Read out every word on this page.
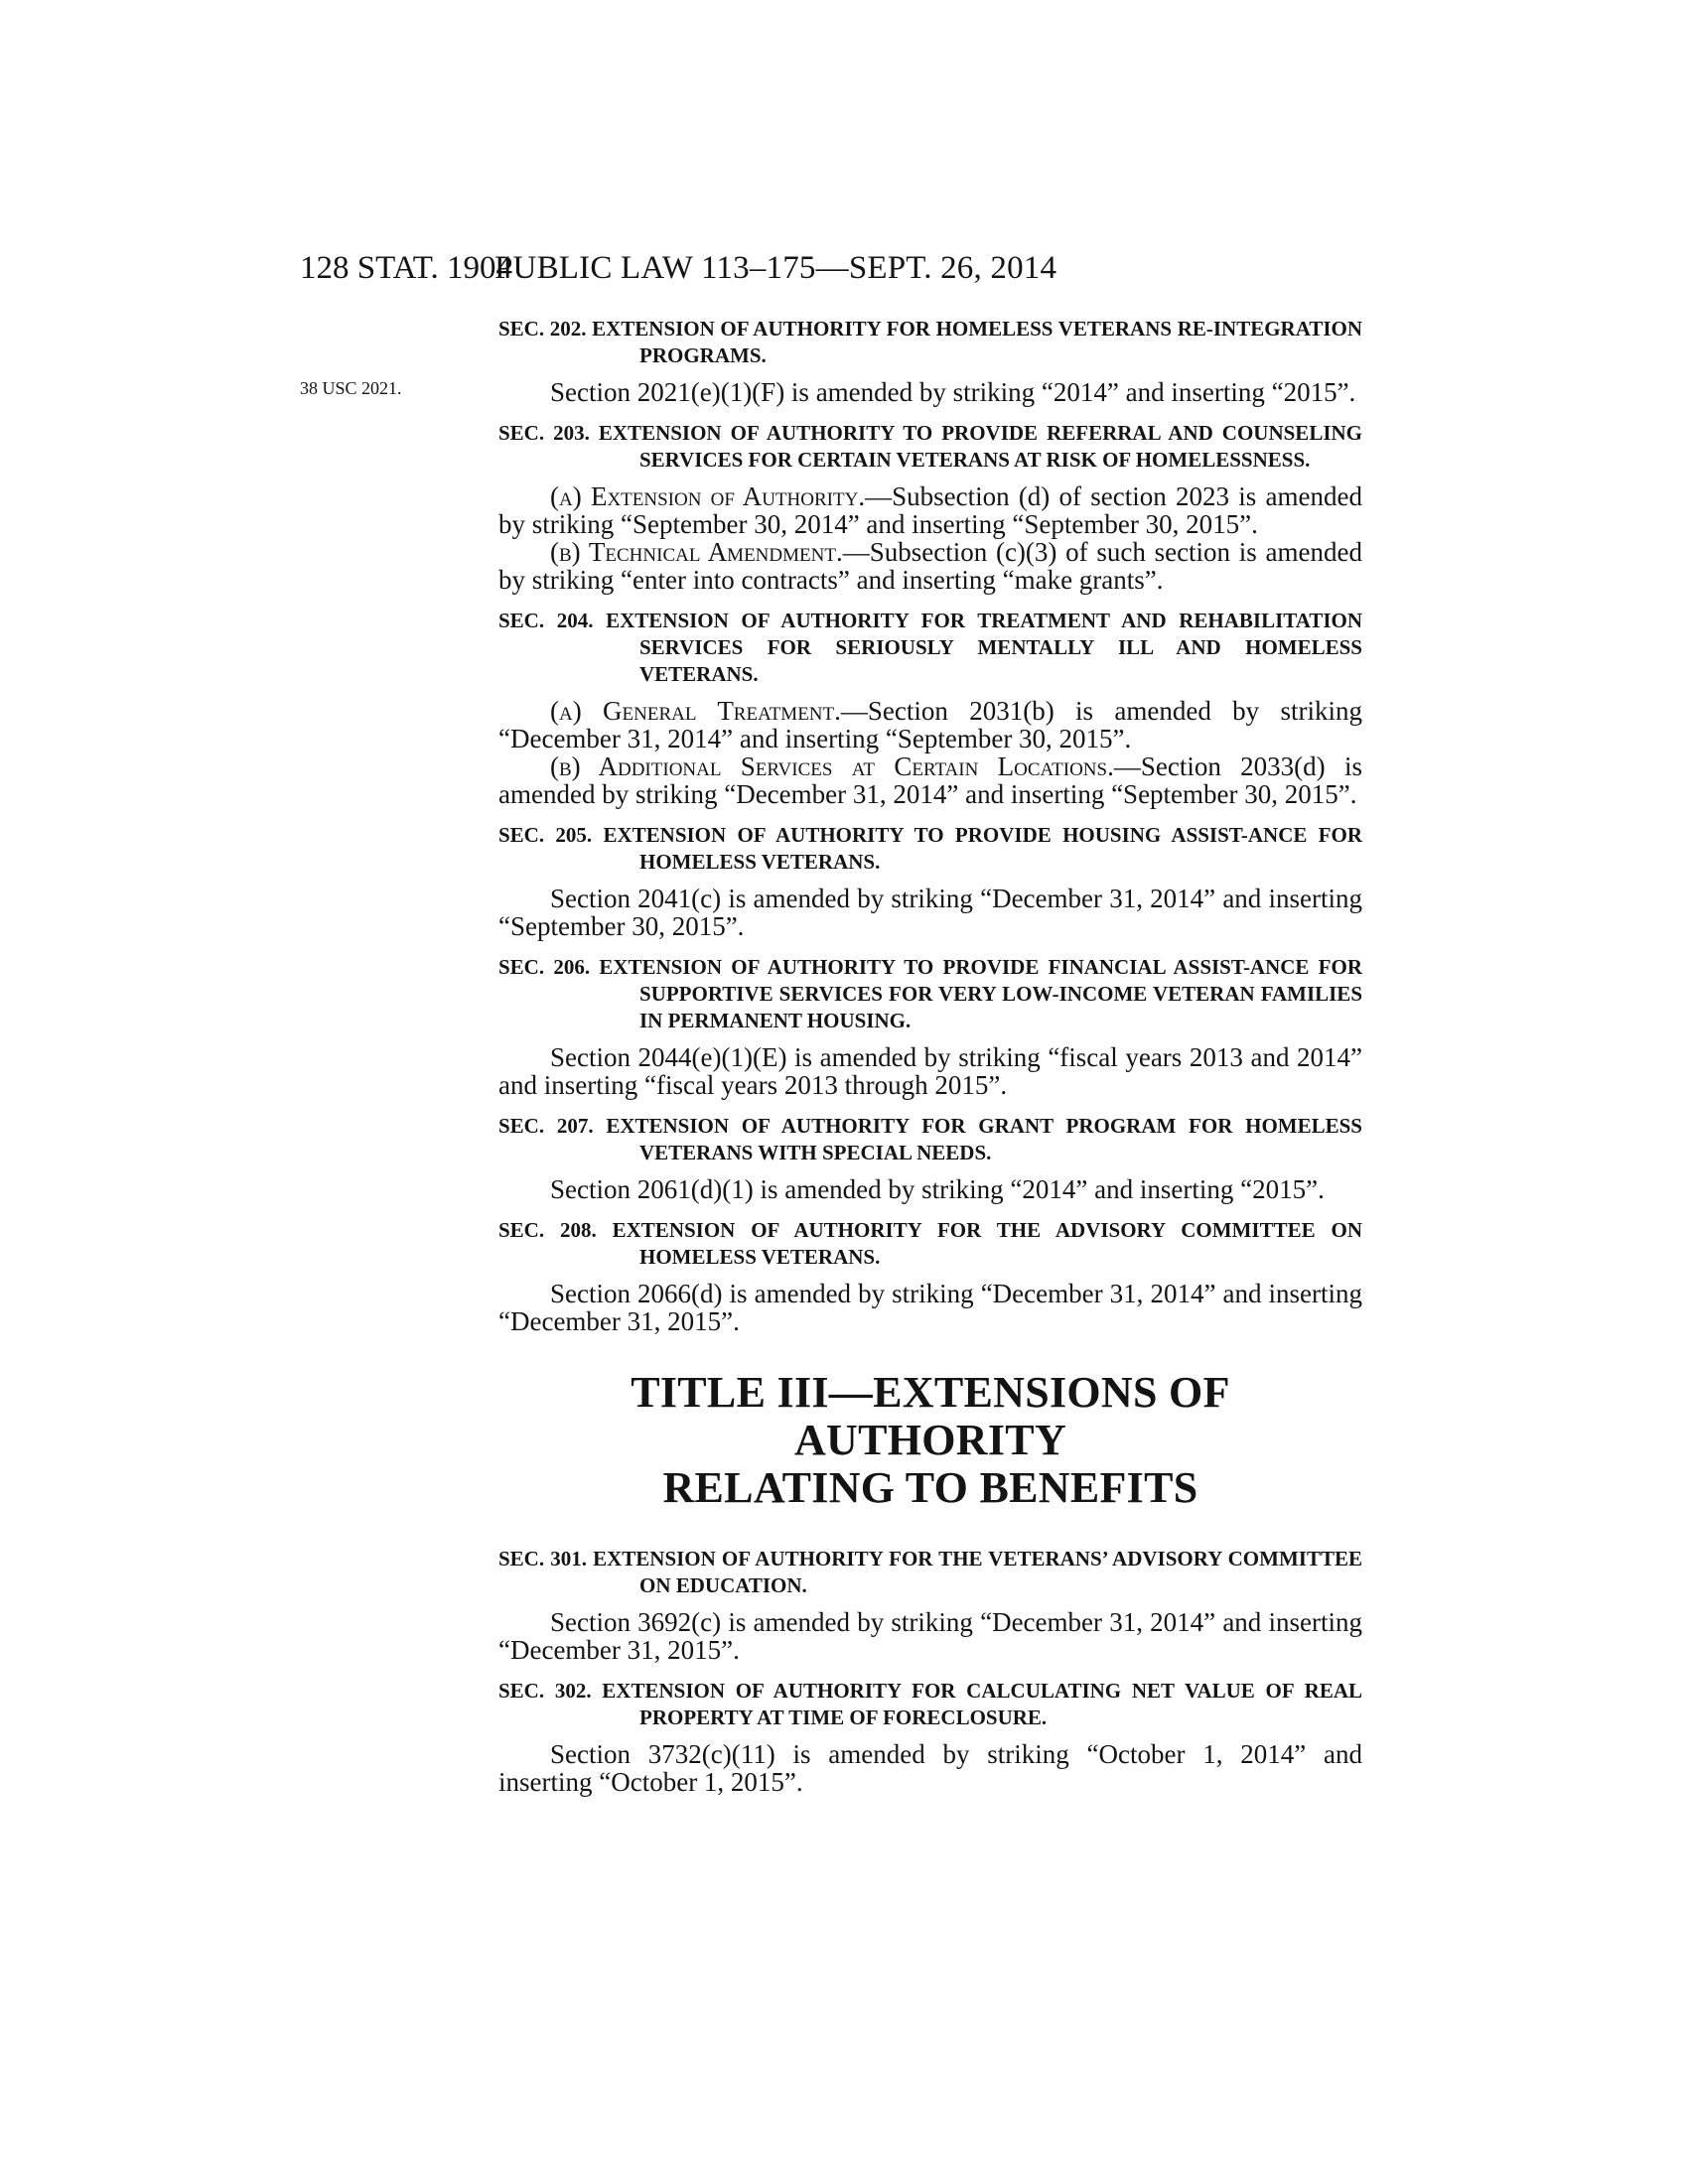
128 STAT. 1904
PUBLIC LAW 113–175—SEPT. 26, 2014
38 USC 2021.

SEC. 202. EXTENSION OF AUTHORITY FOR HOMELESS VETERANS RE-INTEGRATION PROGRAMS.

Section 2021(e)(1)(F) is amended by striking “2014” and inserting “2015”.

SEC. 203. EXTENSION OF AUTHORITY TO PROVIDE REFERRAL AND COUNSELING SERVICES FOR CERTAIN VETERANS AT RISK OF HOMELESSNESS.

(a) Extension of Authority.—Subsection (d) of section 2023 is amended by striking “September 30, 2014” and inserting “September 30, 2015”.

(b) Technical Amendment.—Subsection (c)(3) of such section is amended by striking “enter into contracts” and inserting “make grants”.

SEC. 204. EXTENSION OF AUTHORITY FOR TREATMENT AND REHABILITATION SERVICES FOR SERIOUSLY MENTALLY ILL AND HOMELESS VETERANS.

(a) General Treatment.—Section 2031(b) is amended by striking “December 31, 2014” and inserting “September 30, 2015”.

(b) Additional Services at Certain Locations.—Section 2033(d) is amended by striking “December 31, 2014” and inserting “September 30, 2015”.

SEC. 205. EXTENSION OF AUTHORITY TO PROVIDE HOUSING ASSIST-ANCE FOR HOMELESS VETERANS.

Section 2041(c) is amended by striking “December 31, 2014” and inserting “September 30, 2015”.

SEC. 206. EXTENSION OF AUTHORITY TO PROVIDE FINANCIAL ASSIST-ANCE FOR SUPPORTIVE SERVICES FOR VERY LOW-INCOME VETERAN FAMILIES IN PERMANENT HOUSING.

Section 2044(e)(1)(E) is amended by striking “fiscal years 2013 and 2014” and inserting “fiscal years 2013 through 2015”.

SEC. 207. EXTENSION OF AUTHORITY FOR GRANT PROGRAM FOR HOMELESS VETERANS WITH SPECIAL NEEDS.

Section 2061(d)(1) is amended by striking “2014” and inserting “2015”.

SEC. 208. EXTENSION OF AUTHORITY FOR THE ADVISORY COMMITTEE ON HOMELESS VETERANS.

Section 2066(d) is amended by striking “December 31, 2014” and inserting “December 31, 2015”.

TITLE III—EXTENSIONS OF AUTHORITY
RELATING TO BENEFITS

SEC. 301. EXTENSION OF AUTHORITY FOR THE VETERANS’ ADVISORY COMMITTEE ON EDUCATION.

Section 3692(c) is amended by striking “December 31, 2014” and inserting “December 31, 2015”.

SEC. 302. EXTENSION OF AUTHORITY FOR CALCULATING NET VALUE OF REAL PROPERTY AT TIME OF FORECLOSURE.

Section 3732(c)(11) is amended by striking “October 1, 2014” and inserting “October 1, 2015”.
